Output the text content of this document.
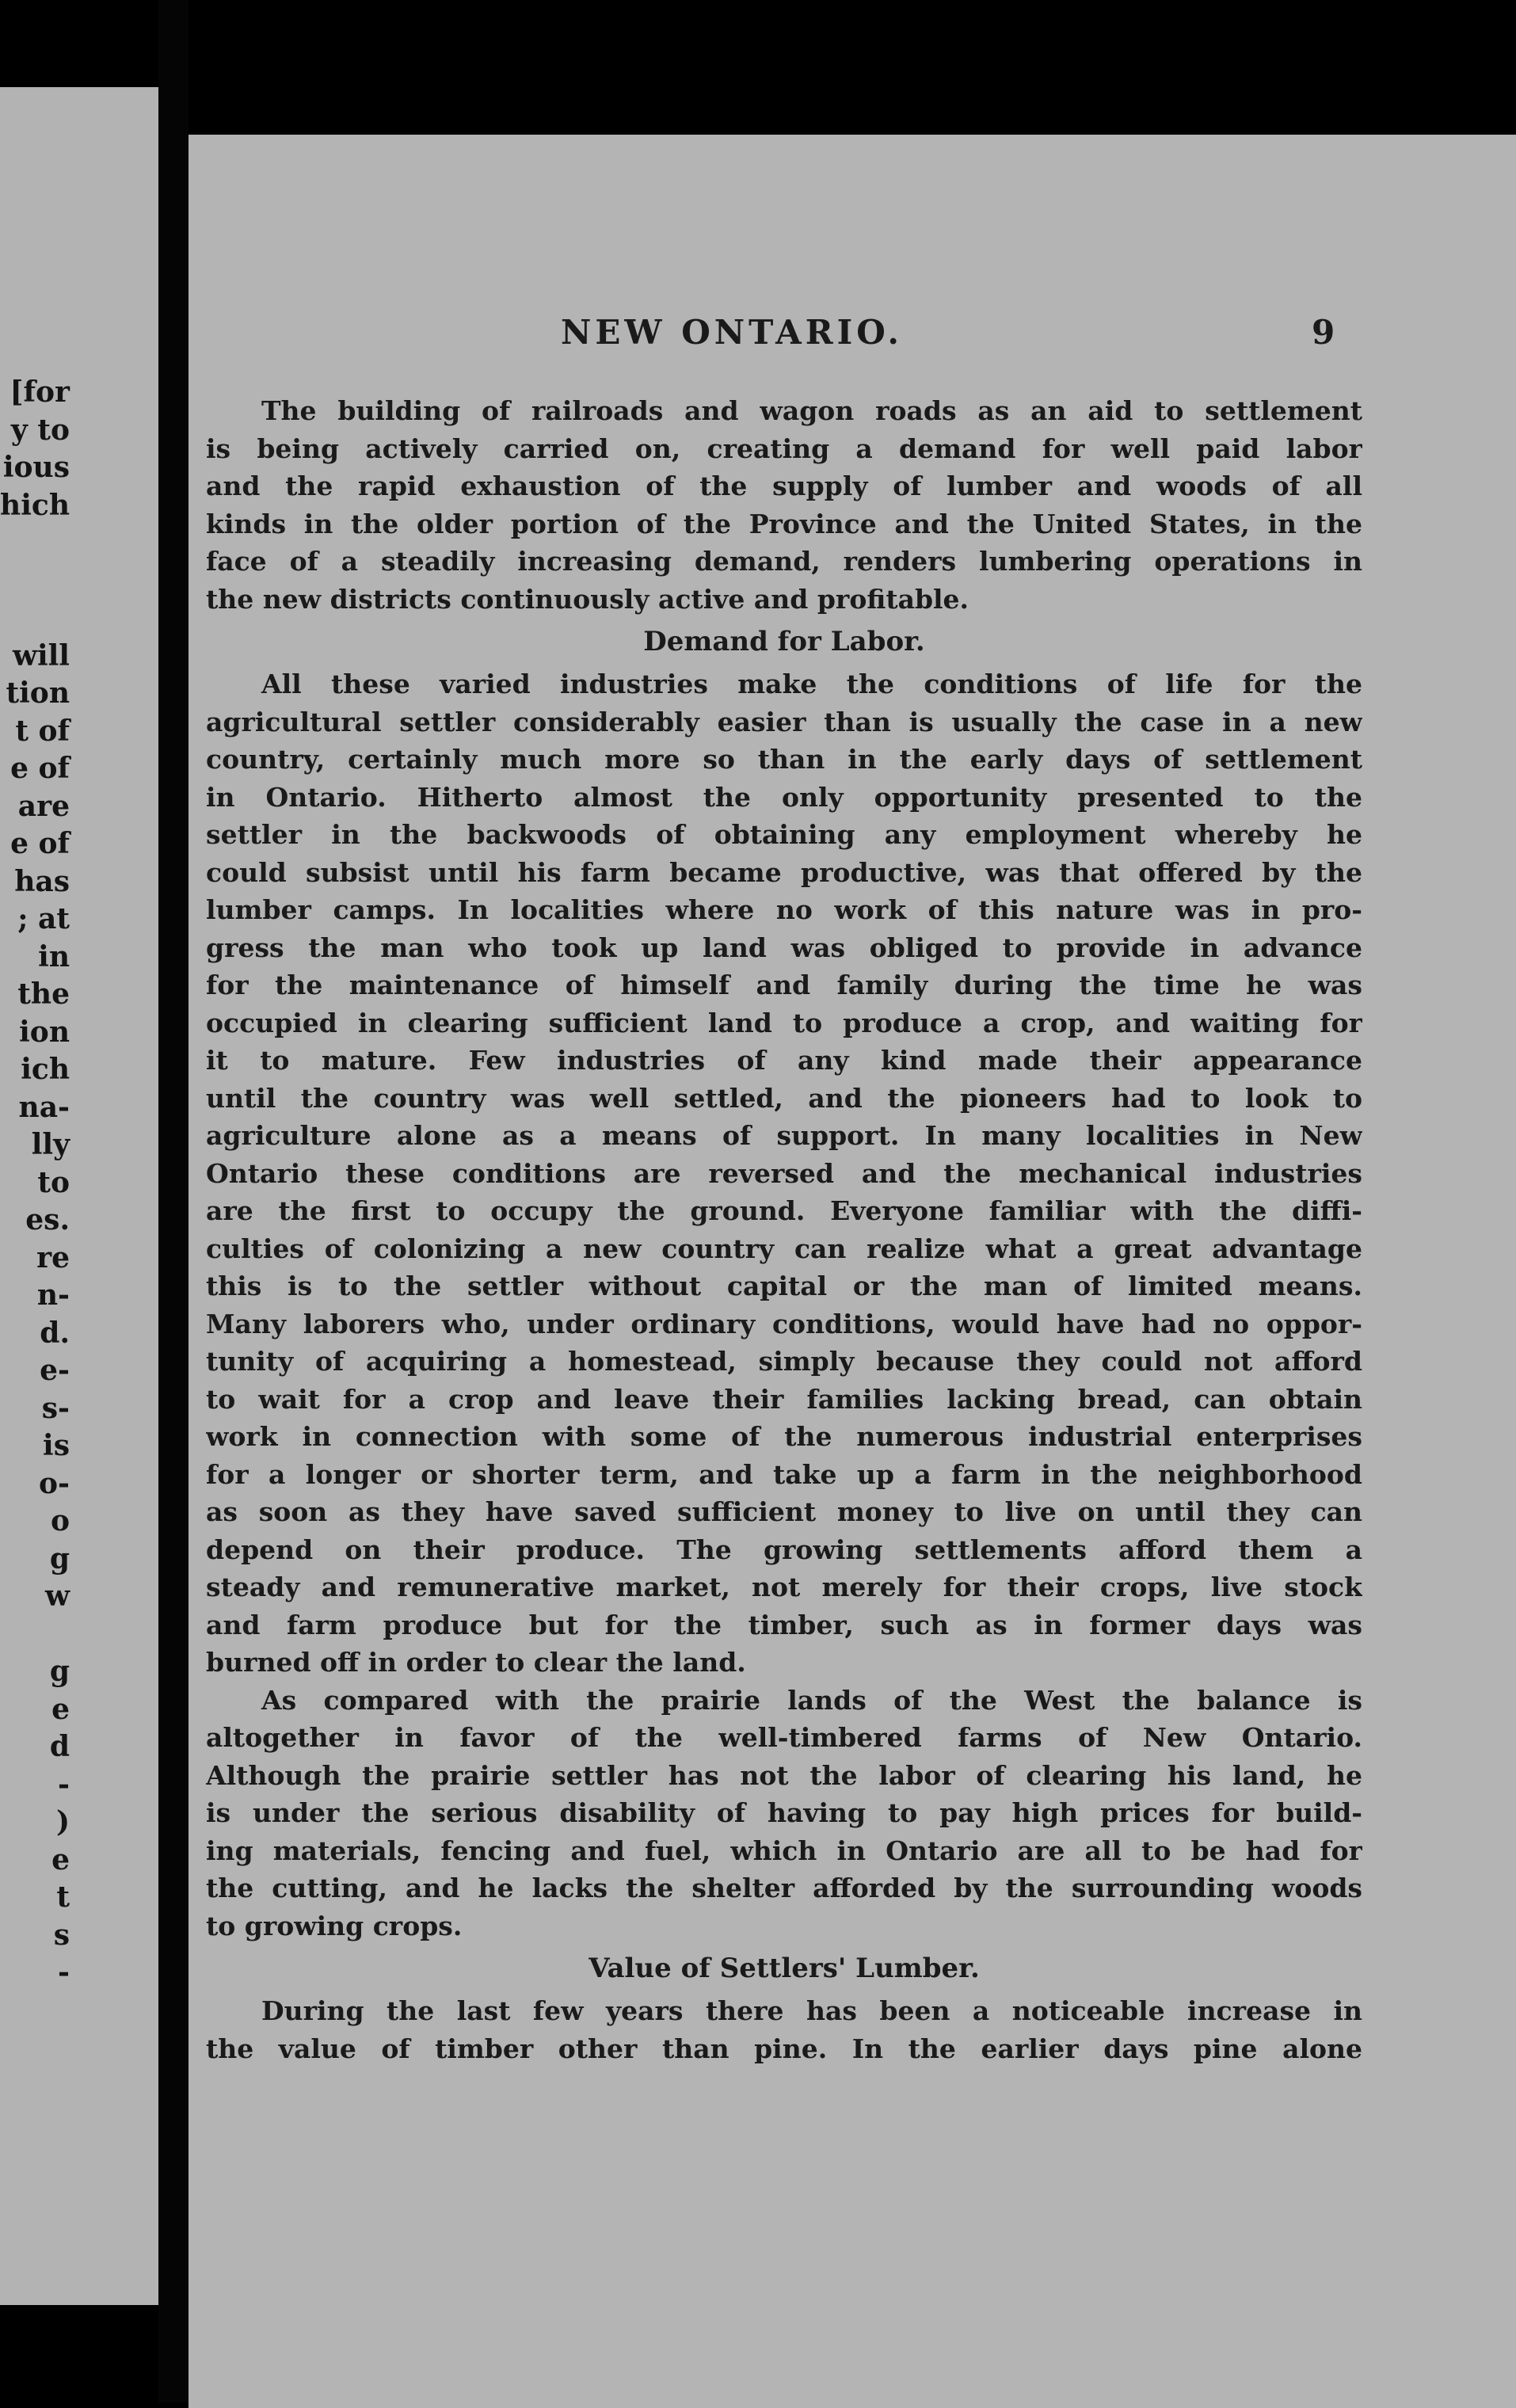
[for
y to
ious
hich
will
tion
t of
e of
are
e of
has
; at
in
the
ion
ich
na-
lly
to
es.
re
n-
d.
e-
s-
is
o-
o
g
w
g
e
d
-
)
e
t
s
-
NEW ONTARIO.	9
The building of railroads and wagon roads as an aid to settlement
is being actively carried on, creating a demand for well paid labor
and the rapid exhaustion of the supply of lumber and woods of all
kinds in the older portion of the Province and the United States, in the
face of a steadily increasing demand, renders lumbering operations in
the new districts continuously active and profitable.
Demand for Labor.
All these varied industries make the conditions of life for the
agricultural settler considerably easier than is usually the case in a new
country, certainly much more so than in the early days of settlement
in Ontario. Hitherto almost the only opportunity presented to the
settler in the backwoods of obtaining any employment whereby he
could subsist until his farm became productive, was that offered by the
lumber camps. In localities where no work of this nature was in pro-
gress the man who took up land was obliged to provide in advance
for the maintenance of himself and family during the time he was
occupied in clearing sufficient land to produce a crop, and waiting for
it to mature. Few industries of any kind made their appearance
until the country was well settled, and the pioneers had to look to
agriculture alone as a means of support. In many localities in New
Ontario these conditions are reversed and the mechanical industries
are the first to occupy the ground. Everyone familiar with the diffi-
culties of colonizing a new country can realize what a great advantage
this is to the settler without capital or the man of limited means.
Many laborers who, under ordinary conditions, would have had no oppor-
tunity of acquiring a homestead, simply because they could not afford
to wait for a crop and leave their families lacking bread, can obtain
work in connection with some of the numerous industrial enterprises
for a longer or shorter term, and take up a farm in the neighborhood
as soon as they have saved sufficient money to live on until they can
depend on their produce. The growing settlements afford them a
steady and remunerative market, not merely for their crops, live stock
and farm produce but for the timber, such as in former days was
burned off in order to clear the land.
As compared with the prairie lands of the West the balance is
altogether in favor of the well-timbered farms of New Ontario.
Although the prairie settler has not the labor of clearing his land, he
is under the serious disability of having to pay high prices for build-
ing materials, fencing and fuel, which in Ontario are all to be had for
the cutting, and he lacks the shelter afforded by the surrounding woods
to growing crops.
Value of Settlers' Lumber.
During the last few years there has been a noticeable increase in
the value of timber other than pine. In the earlier days pine alone
